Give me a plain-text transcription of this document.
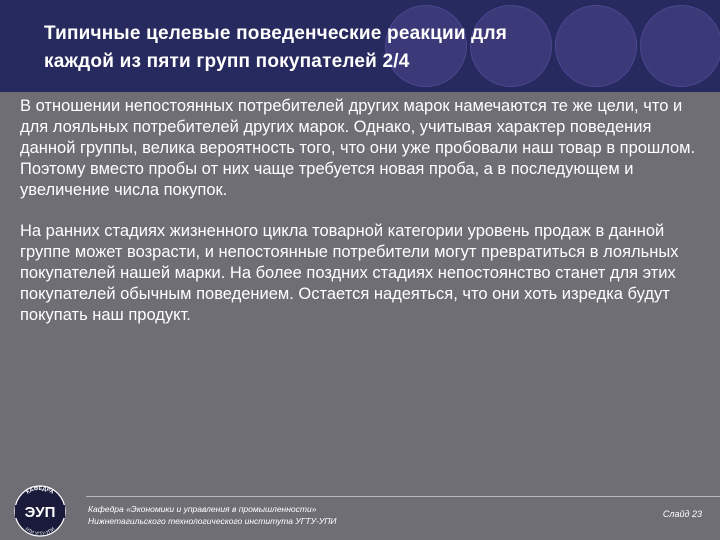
Типичные целевые поведенческие реакции для
каждой из пяти групп покупателей 2/4

В отношении непостоянных потребителей других марок намечаются те же цели, что и для лояльных потребителей других марок. Однако, учитывая характер поведения данной группы, велика вероятность того, что они уже пробовали наш товар в прошлом. Поэтому вместо пробы от них чаще требуется новая проба, а в последующем и увеличение числа покупок.

На ранних стадиях жизненного цикла товарной категории уровень продаж в данной группе может возрасти, и непостоянные потребители могут превратиться в лояльных покупателей нашей марки. На более поздних стадиях непостоянство станет для этих покупателей обычным поведением. Остается надеяться, что они хоть изредка будут покупать наш продукт.

КАФЕДРА
НТИ УГТУ-УПИ
ЭУП	Кафедра «Экономики и управления в промышленности»
Нижнетагильского технологического института УГТУ-УПИ
Слайд 23
